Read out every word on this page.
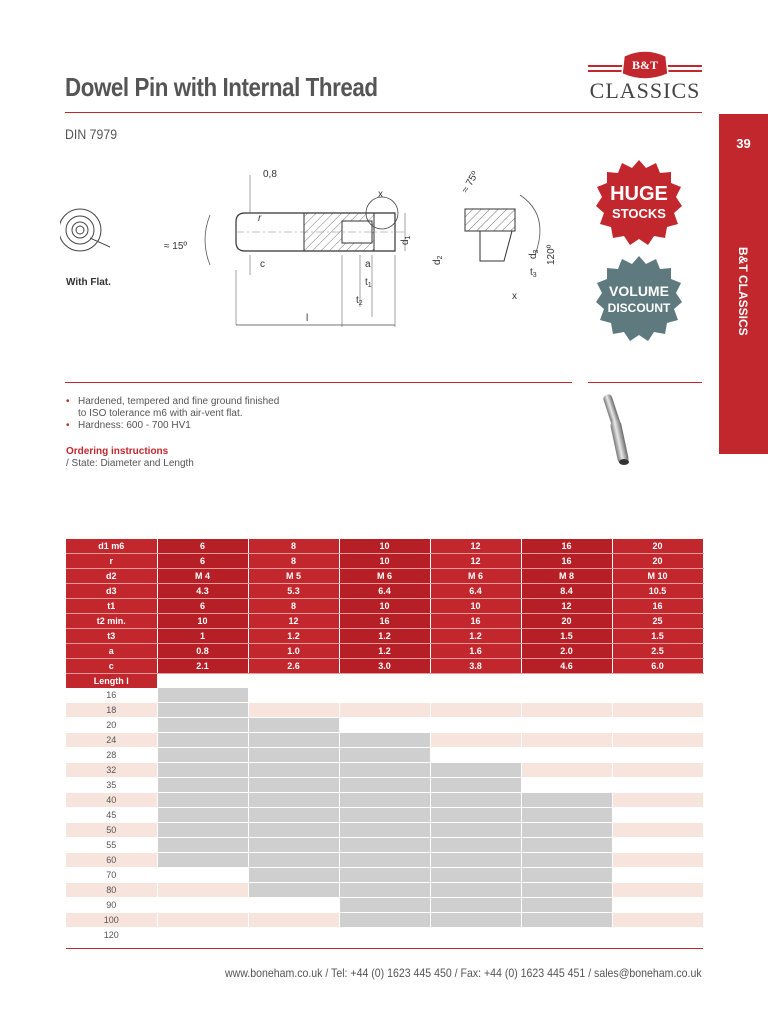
Dowel Pin with Internal Thread
B&T
CLASSICS
DIN 7979
39
B&T CLASSICS
With Flat.
0,8
r
≈ 15º
c
x
$d_1$
a
$t_1$
$t_2$
l
≈ 75º
$d_2$	$d_3$ 120º
$t_3$
x
HUGE
STOCKS
VOLUME
DISCOUNT
• Hardened, tempered and fine ground finished
to ISO tolerance m6 with air-vent flat.
• Hardness: 600 - 700 HV1
Ordering instructions
/ State: Diameter and Length
d1 m6	6	8	10	12	16	20
r	6	8	10	12	16	20
d2	M 4	M 5	M 6	M 6	M 8	M 10
d3	4.3	5.3	6.4	6.4	8.4	10.5
t1	6	8	10	10	12	16
t2 min.	10	12	16	16	20	25
t3	1	1.2	1.2	1.2	1.5	1.5
a	0.8	1.0	1.2	1.6	2.0	2.5
c	2.1	2.6	3.0	3.8	4.6	6.0
Length l						
16						
18						
20						
24						
28						
32						
35						
40						
45						
50						
55						
60						
70						
80						
90						
100						
120						
www.boneham.co.uk / Tel: +44 (0) 1623 445 450 / Fax: +44 (0) 1623 445 451 / sales@boneham.co.uk
